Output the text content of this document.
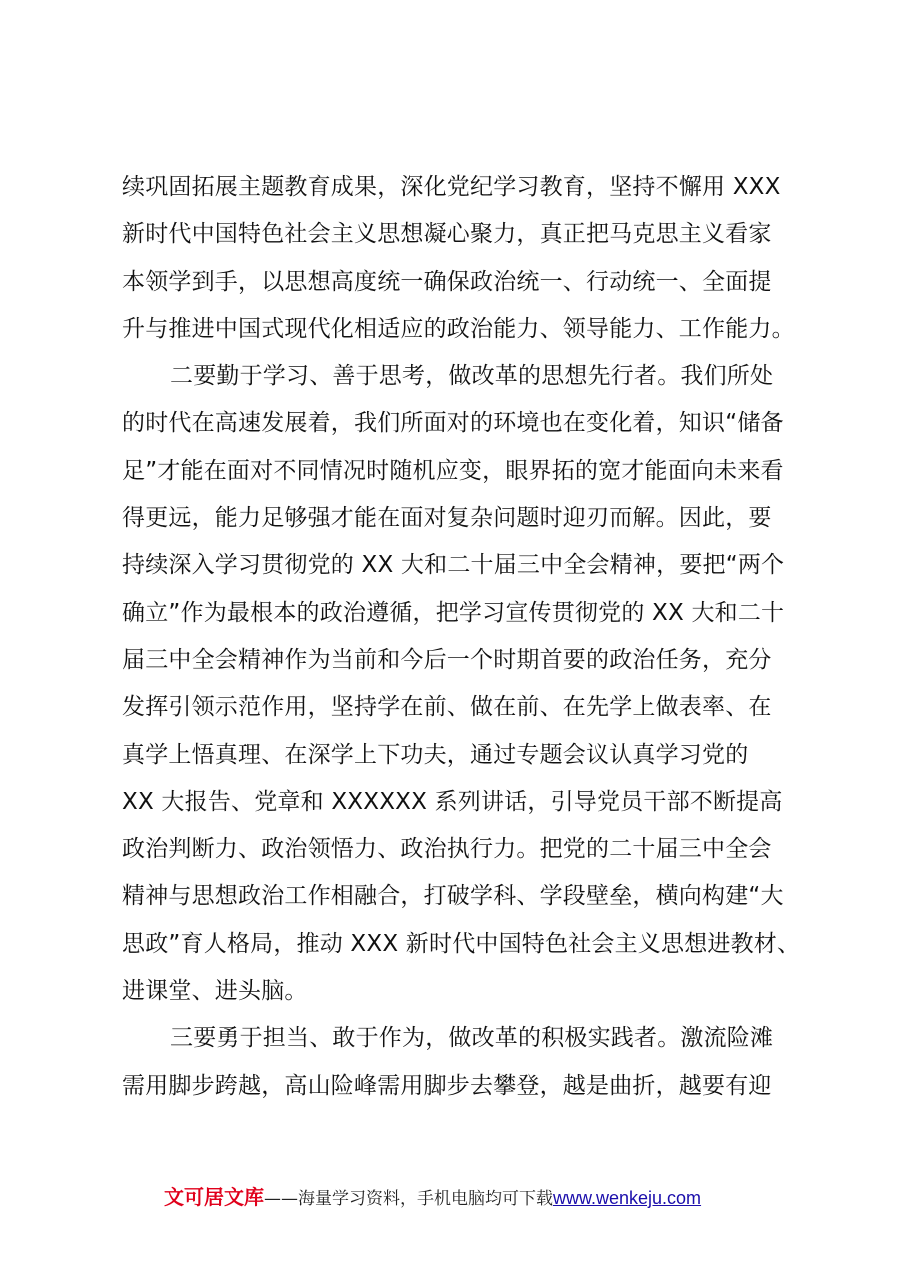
续巩固拓展主题教育成果，深化党纪学习教育，坚持不懈用 XXX
新时代中国特色社会主义思想凝心聚力，真正把马克思主义看家
本领学到手，以思想高度统一确保政治统一、行动统一、全面提
升与推进中国式现代化相适应的政治能力、领导能力、工作能力。
二要勤于学习、善于思考，做改革的思想先行者。我们所处
的时代在高速发展着，我们所面对的环境也在变化着，知识“储备
足”才能在面对不同情况时随机应变，眼界拓的宽才能面向未来看
得更远，能力足够强才能在面对复杂问题时迎刃而解。因此，要
持续深入学习贯彻党的 XX 大和二十届三中全会精神，要把“两个
确立”作为最根本的政治遵循，把学习宣传贯彻党的 XX 大和二十
届三中全会精神作为当前和今后一个时期首要的政治任务，充分
发挥引领示范作用，坚持学在前、做在前、在先学上做表率、在
真学上悟真理、在深学上下功夫，通过专题会议认真学习党的
XX 大报告、党章和 XXXXXX 系列讲话，引导党员干部不断提高
政治判断力、政治领悟力、政治执行力。把党的二十届三中全会
精神与思想政治工作相融合，打破学科、学段壁垒，横向构建“大
思政”育人格局，推动 XXX 新时代中国特色社会主义思想进教材、
进课堂、进头脑。
三要勇于担当、敢于作为，做改革的积极实践者。激流险滩
需用脚步跨越，高山险峰需用脚步去攀登，越是曲折，越要有迎
文可居文库——海量学习资料，手机电脑均可下载www.wenkeju.com
